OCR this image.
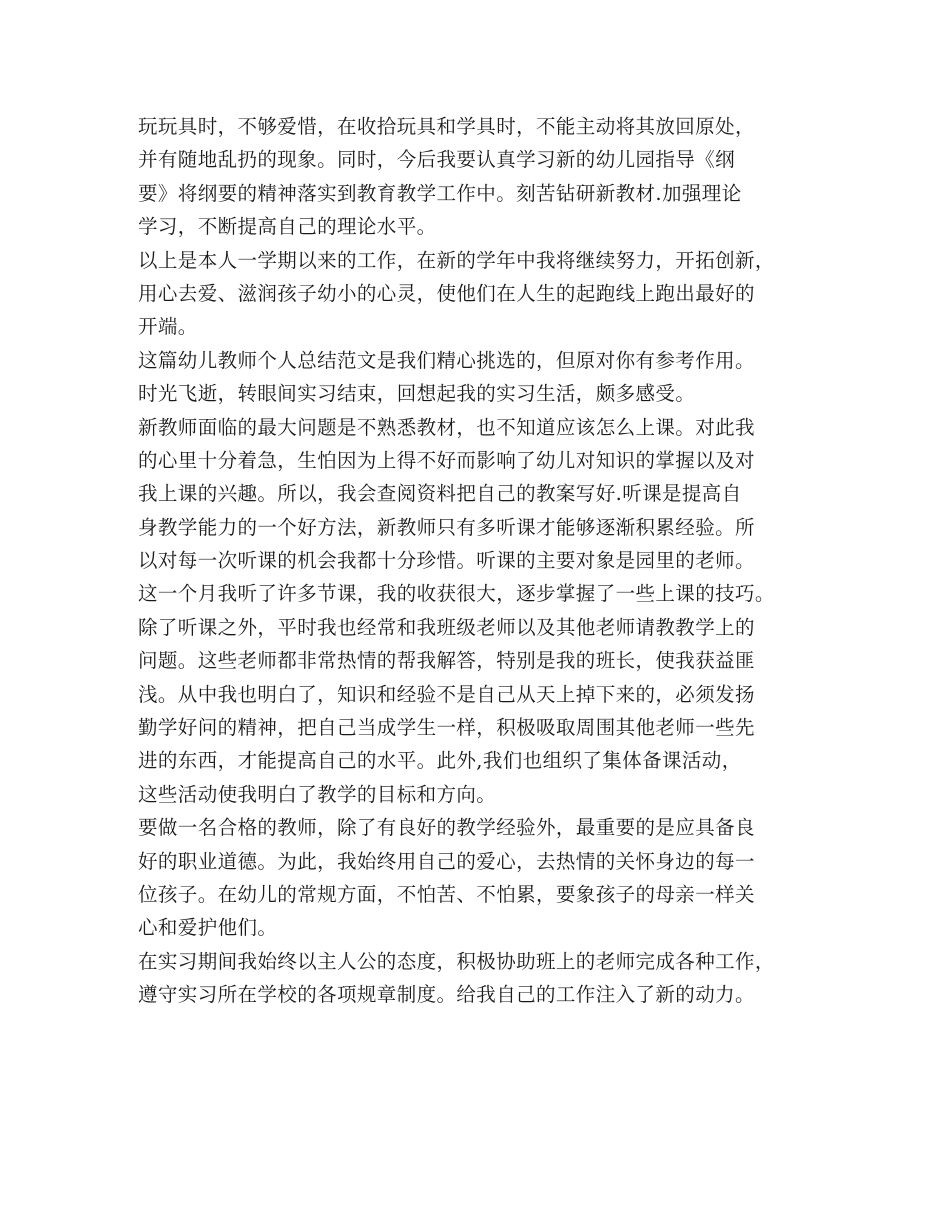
玩玩具时，不够爱惜，在收拾玩具和学具时，不能主动将其放回原处，
并有随地乱扔的现象。同时，今后我要认真学习新的幼儿园指导《纲
要》将纲要的精神落实到教育教学工作中。刻苦钻研新教材.加强理论
学习，不断提高自己的理论水平。
以上是本人一学期以来的工作，在新的学年中我将继续努力，开拓创新，
用心去爱、滋润孩子幼小的心灵，使他们在人生的起跑线上跑出最好的
开端。
这篇幼儿教师个人总结范文是我们精心挑选的，但原对你有参考作用。
时光飞逝，转眼间实习结束，回想起我的实习生活，颇多感受。
新教师面临的最大问题是不熟悉教材，也不知道应该怎么上课。对此我
的心里十分着急，生怕因为上得不好而影响了幼儿对知识的掌握以及对
我上课的兴趣。所以，我会查阅资料把自己的教案写好.听课是提高自
身教学能力的一个好方法，新教师只有多听课才能够逐渐积累经验。所
以对每一次听课的机会我都十分珍惜。听课的主要对象是园里的老师。
这一个月我听了许多节课，我的收获很大，逐步掌握了一些上课的技巧。
除了听课之外，平时我也经常和我班级老师以及其他老师请教教学上的
问题。这些老师都非常热情的帮我解答，特别是我的班长，使我获益匪
浅。从中我也明白了，知识和经验不是自己从天上掉下来的，必须发扬
勤学好问的精神，把自己当成学生一样，积极吸取周围其他老师一些先
进的东西，才能提高自己的水平。此外,我们也组织了集体备课活动，
这些活动使我明白了教学的目标和方向。
要做一名合格的教师，除了有良好的教学经验外，最重要的是应具备良
好的职业道德。为此，我始终用自己的爱心，去热情的关怀身边的每一
位孩子。在幼儿的常规方面，不怕苦、不怕累，要象孩子的母亲一样关
心和爱护他们。
在实习期间我始终以主人公的态度，积极协助班上的老师完成各种工作，
遵守实习所在学校的各项规章制度。给我自己的工作注入了新的动力。
